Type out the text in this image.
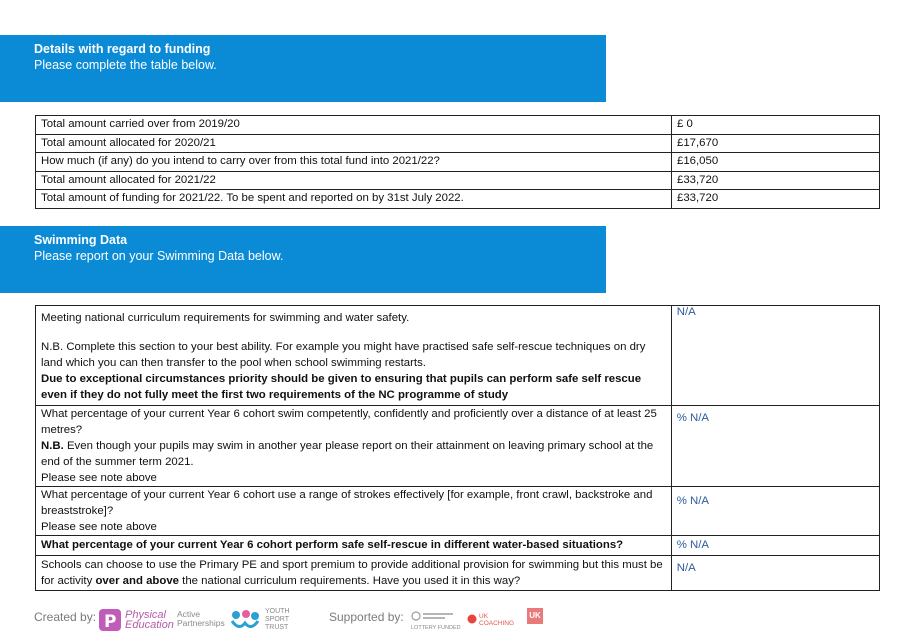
Details with regard to funding
Please complete the table below.
Total amount carried over from 2019/20	£ 0
Total amount allocated for 2020/21	£17,670
How much (if any) do you intend to carry over from this total fund into 2021/22?	£16,050
Total amount allocated for 2021/22	£33,720
Total amount of funding for 2021/22. To be spent and reported on by 31st July 2022.	£33,720
Swimming Data
Please report on your Swimming Data below.
Meeting national curriculum requirements for swimming and water safety.
N.B. Complete this section to your best ability. For example you might have practised safe self-rescue techniques on dry land which you can then transfer to the pool when school swimming restarts.
Due to exceptional circumstances priority should be given to ensuring that pupils can perform safe self rescue even if they do not fully meet the first two requirements of the NC programme of study	N/A

What percentage of your current Year 6 cohort swim competently, confidently and proficiently over a distance of at least 25 metres?
N.B. Even though your pupils may swim in another year please report on their attainment on leaving primary school at the end of the summer term 2021.
Please see note above	% N/A

What percentage of your current Year 6 cohort use a range of strokes effectively [for example, front crawl, backstroke and breaststroke]?
Please see note above	% N/A

What percentage of your current Year 6 cohort perform safe self-rescue in different water-based situations?	% N/A

Schools can choose to use the Primary PE and sport premium to provide additional provision for swimming but this must be for activity over and above the national curriculum requirements. Have you used it in this way?	N/A
Created by: P Physical
Education
Active
Partnerships
YOUTH
SPORT
TRUST
Supported by:
LOTTERY FUNDED
UK
COACHING
UK
